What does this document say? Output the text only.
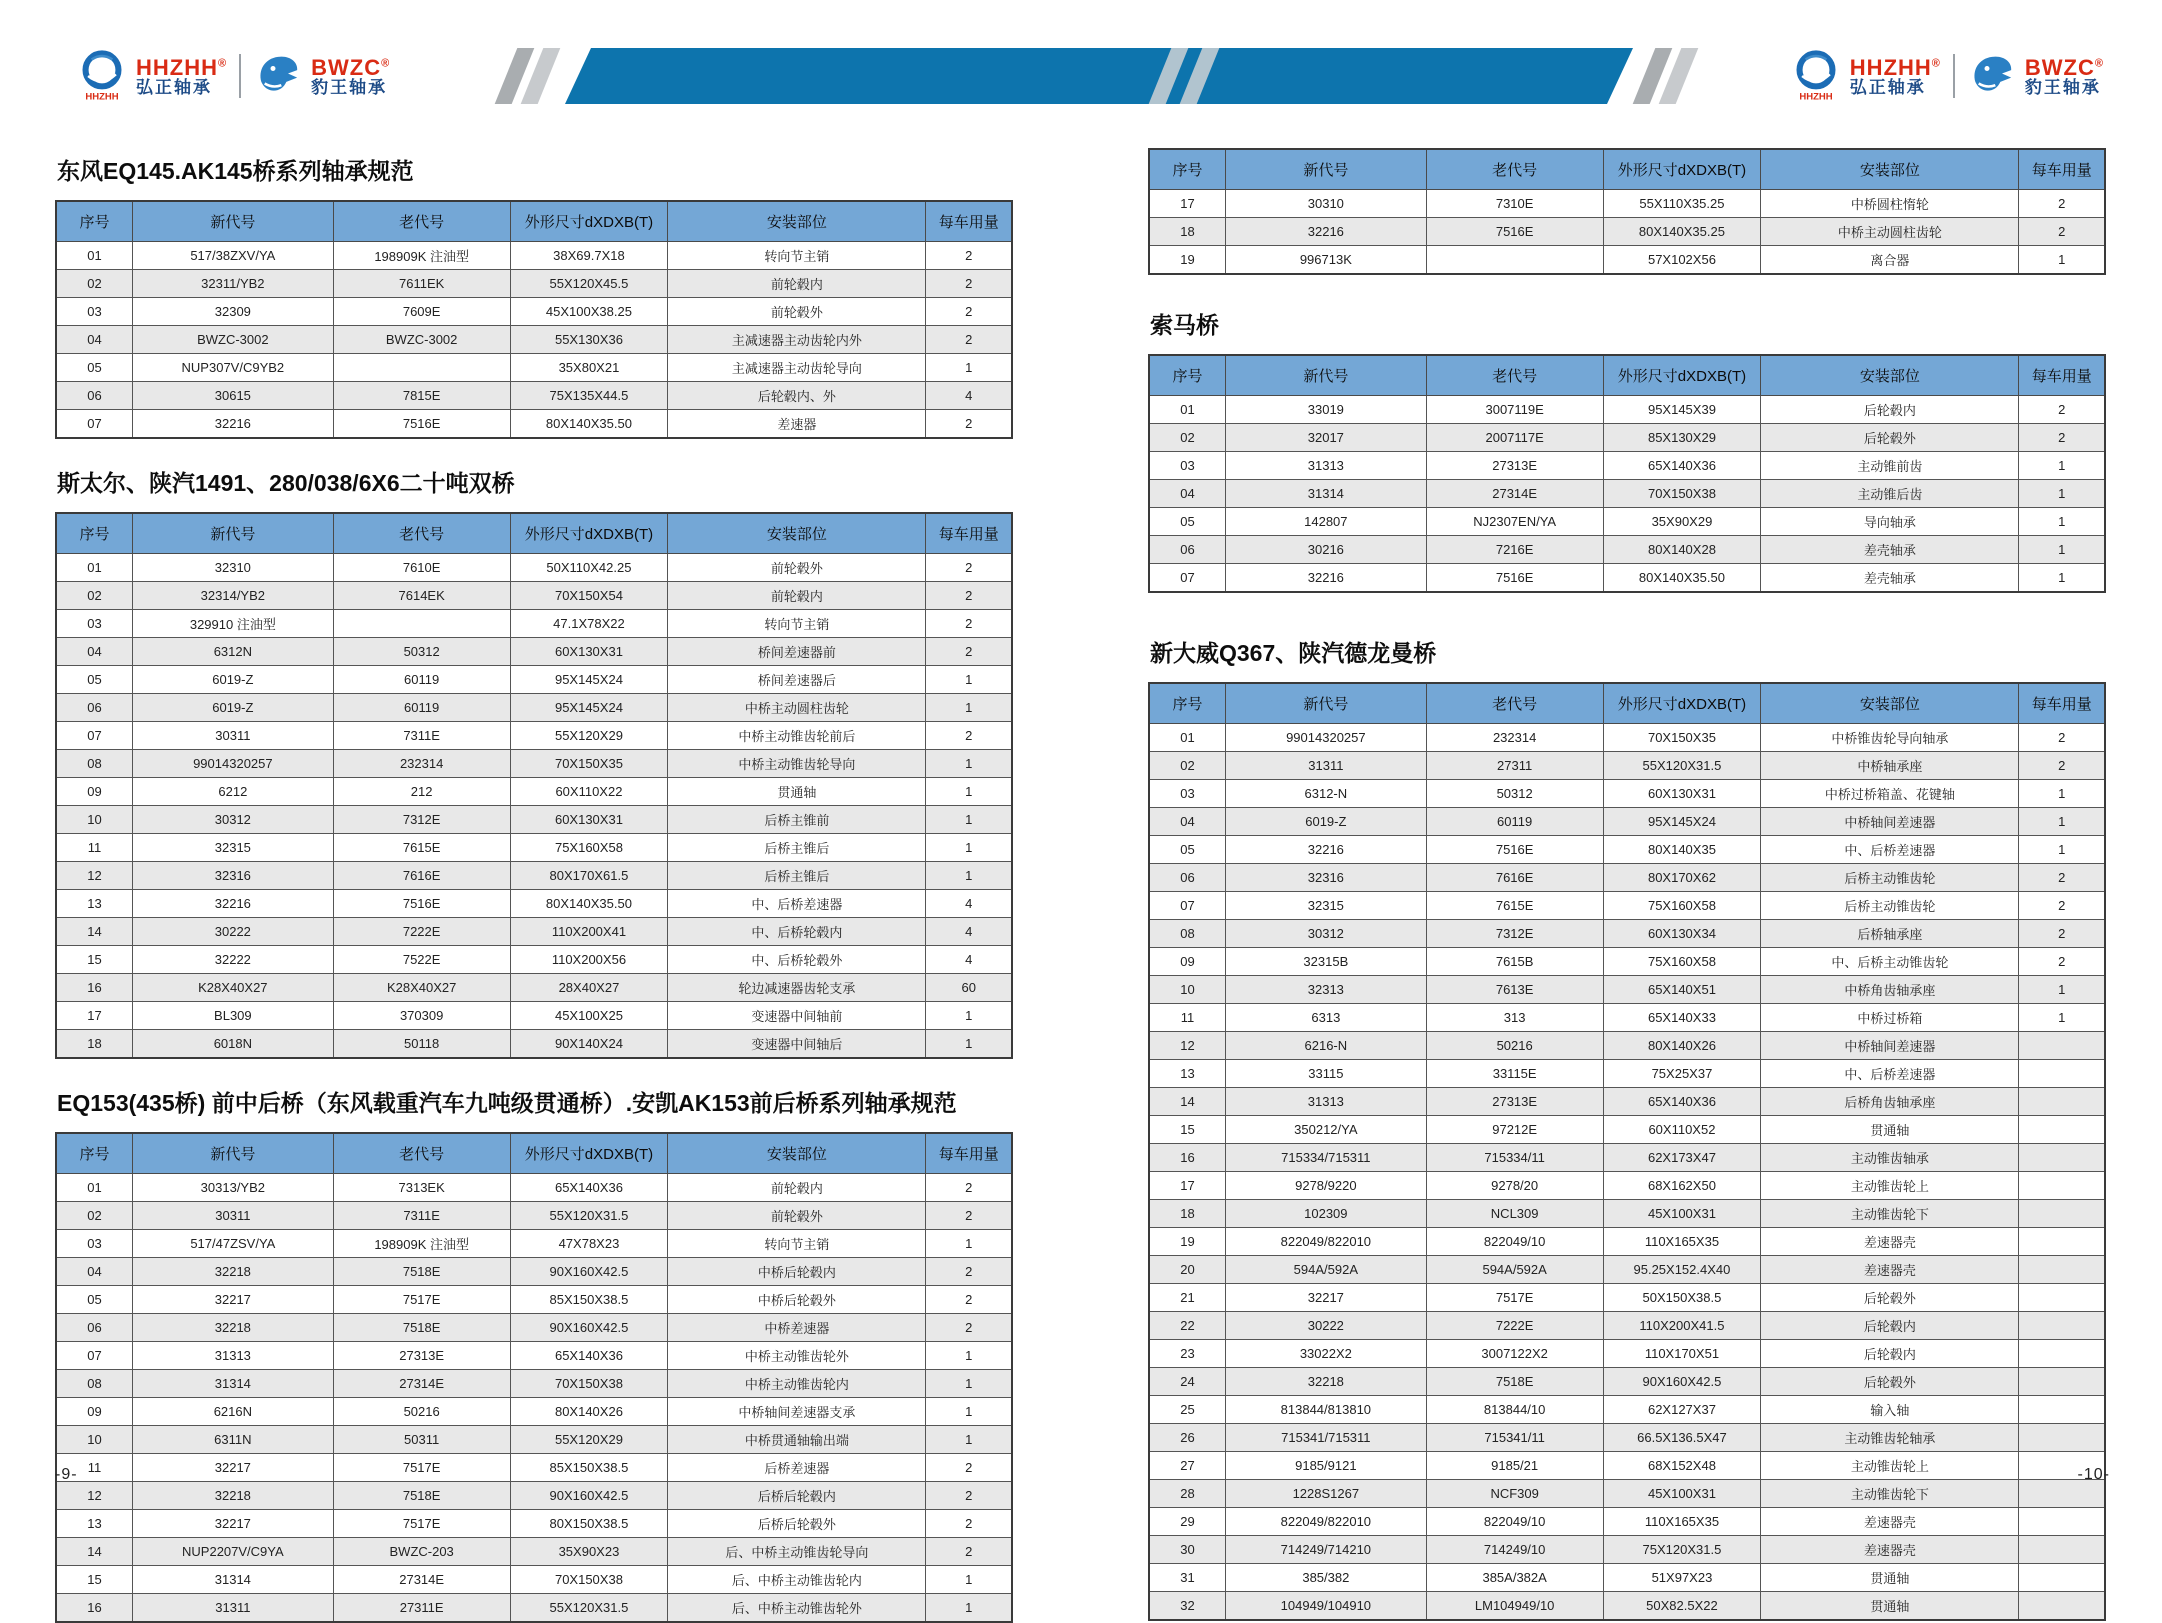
100%车用轴承专家	100%车用轴承专家
HHZHH
HHZHH®
弘正轴承
BWZC®
豹王轴承
HHZHH
HHZHH®
弘正轴承
BWZC®
豹王轴承
东风EQ145.AK145桥系列轴承规范
序号	新代号	老代号	外形尺寸dXDXB(T)	安装部位	每车用量
01	517/38ZXV/YA	198909K 注油型	38X69.7X18	转向节主销	2
02	32311/YB2	7611EK	55X120X45.5	前轮毂内	2
03	32309	7609E	45X100X38.25	前轮毂外	2
04	BWZC-3002	BWZC-3002	55X130X36	主减速器主动齿轮内外	2
05	NUP307V/C9YB2		35X80X21	主减速器主动齿轮导向	1
06	30615	7815E	75X135X44.5	后轮毂内、外	4
07	32216	7516E	80X140X35.50	差速器	2
斯太尔、陕汽1491、280/038/6X6二十吨双桥
序号	新代号	老代号	外形尺寸dXDXB(T)	安装部位	每车用量
01	32310	7610E	50X110X42.25	前轮毂外	2
02	32314/YB2	7614EK	70X150X54	前轮毂内	2
03	329910 注油型		47.1X78X22	转向节主销	2
04	6312N	50312	60X130X31	桥间差速器前	2
05	6019-Z	60119	95X145X24	桥间差速器后	1
06	6019-Z	60119	95X145X24	中桥主动圆柱齿轮	1
07	30311	7311E	55X120X29	中桥主动锥齿轮前后	2
08	99014320257	232314	70X150X35	中桥主动锥齿轮导向	1
09	6212	212	60X110X22	贯通轴	1
10	30312	7312E	60X130X31	后桥主锥前	1
11	32315	7615E	75X160X58	后桥主锥后	1
12	32316	7616E	80X170X61.5	后桥主锥后	1
13	32216	7516E	80X140X35.50	中、后桥差速器	4
14	30222	7222E	110X200X41	中、后桥轮毂内	4
15	32222	7522E	110X200X56	中、后桥轮毂外	4
16	K28X40X27	K28X40X27	28X40X27	轮边减速器齿轮支承	60
17	BL309	370309	45X100X25	变速器中间轴前	1
18	6018N	50118	90X140X24	变速器中间轴后	1
EQ153(435桥) 前中后桥（东风载重汽车九吨级贯通桥）.安凯AK153前后桥系列轴承规范
序号	新代号	老代号	外形尺寸dXDXB(T)	安装部位	每车用量
01	30313/YB2	7313EK	65X140X36	前轮毂内	2
02	30311	7311E	55X120X31.5	前轮毂外	2
03	517/47ZSV/YA	198909K 注油型	47X78X23	转向节主销	1
04	32218	7518E	90X160X42.5	中桥后轮毂内	2
05	32217	7517E	85X150X38.5	中桥后轮毂外	2
06	32218	7518E	90X160X42.5	中桥差速器	2
07	31313	27313E	65X140X36	中桥主动锥齿轮外	1
08	31314	27314E	70X150X38	中桥主动锥齿轮内	1
09	6216N	50216	80X140X26	中桥轴间差速器支承	1
10	6311N	50311	55X120X29	中桥贯通轴输出端	1
11	32217	7517E	85X150X38.5	后桥差速器	2
12	32218	7518E	90X160X42.5	后桥后轮毂内	2
13	32217	7517E	80X150X38.5	后桥后轮毂外	2
14	NUP2207V/C9YA	BWZC-203	35X90X23	后、中桥主动锥齿轮导向	2
15	31314	27314E	70X150X38	后、中桥主动锥齿轮内	1
16	31311	27311E	55X120X31.5	后、中桥主动锥齿轮外	1
序号	新代号	老代号	外形尺寸dXDXB(T)	安装部位	每车用量
17	30310	7310E	55X110X35.25	中桥圆柱惰轮	2
18	32216	7516E	80X140X35.25	中桥主动圆柱齿轮	2
19	996713K		57X102X56	离合器	1
索马桥
序号	新代号	老代号	外形尺寸dXDXB(T)	安装部位	每车用量
01	33019	3007119E	95X145X39	后轮毂内	2
02	32017	2007117E	85X130X29	后轮毂外	2
03	31313	27313E	65X140X36	主动锥前齿	1
04	31314	27314E	70X150X38	主动锥后齿	1
05	142807	NJ2307EN/YA	35X90X29	导向轴承	1
06	30216	7216E	80X140X28	差壳轴承	1
07	32216	7516E	80X140X35.50	差壳轴承	1
新大威Q367、陕汽德龙曼桥
序号	新代号	老代号	外形尺寸dXDXB(T)	安装部位	每车用量
01	99014320257	232314	70X150X35	中桥锥齿轮导向轴承	2
02	31311	27311	55X120X31.5	中桥轴承座	2
03	6312-N	50312	60X130X31	中桥过桥箱盖、花键轴	1
04	6019-Z	60119	95X145X24	中桥轴间差速器	1
05	32216	7516E	80X140X35	中、后桥差速器	1
06	32316	7616E	80X170X62	后桥主动锥齿轮	2
07	32315	7615E	75X160X58	后桥主动锥齿轮	2
08	30312	7312E	60X130X34	后桥轴承座	2
09	32315B	7615B	75X160X58	中、后桥主动锥齿轮	2
10	32313	7613E	65X140X51	中桥角齿轴承座	1
11	6313	313	65X140X33	中桥过桥箱	1
12	6216-N	50216	80X140X26	中桥轴间差速器	
13	33115	33115E	75X25X37	中、后桥差速器	
14	31313	27313E	65X140X36	后桥角齿轴承座	
15	350212/YA	97212E	60X110X52	贯通轴	
16	715334/715311	715334/11	62X173X47	主动锥齿轴承	
17	9278/9220	9278/20	68X162X50	主动锥齿轮上	
18	102309	NCL309	45X100X31	主动锥齿轮下	
19	822049/822010	822049/10	110X165X35	差速器壳	
20	594A/592A	594A/592A	95.25X152.4X40	差速器壳	
21	32217	7517E	50X150X38.5	后轮毂外	
22	30222	7222E	110X200X41.5	后轮毂内	
23	33022X2	3007122X2	110X170X51	后轮毂内	
24	32218	7518E	90X160X42.5	后轮毂外	
25	813844/813810	813844/10	62X127X37	输入轴	
26	715341/715311	715341/11	66.5X136.5X47	主动锥齿轮轴承	
27	9185/9121	9185/21	68X152X48	主动锥齿轮上	
28	1228S1267	NCF309	45X100X31	主动锥齿轮下	
29	822049/822010	822049/10	110X165X35	差速器壳	
30	714249/714210	714249/10	75X120X31.5	差速器壳	
31	385/382	385A/382A	51X97X23	贯通轴	
32	104949/104910	LM104949/10	50X82.5X22	贯通轴	
-9-	-10-
